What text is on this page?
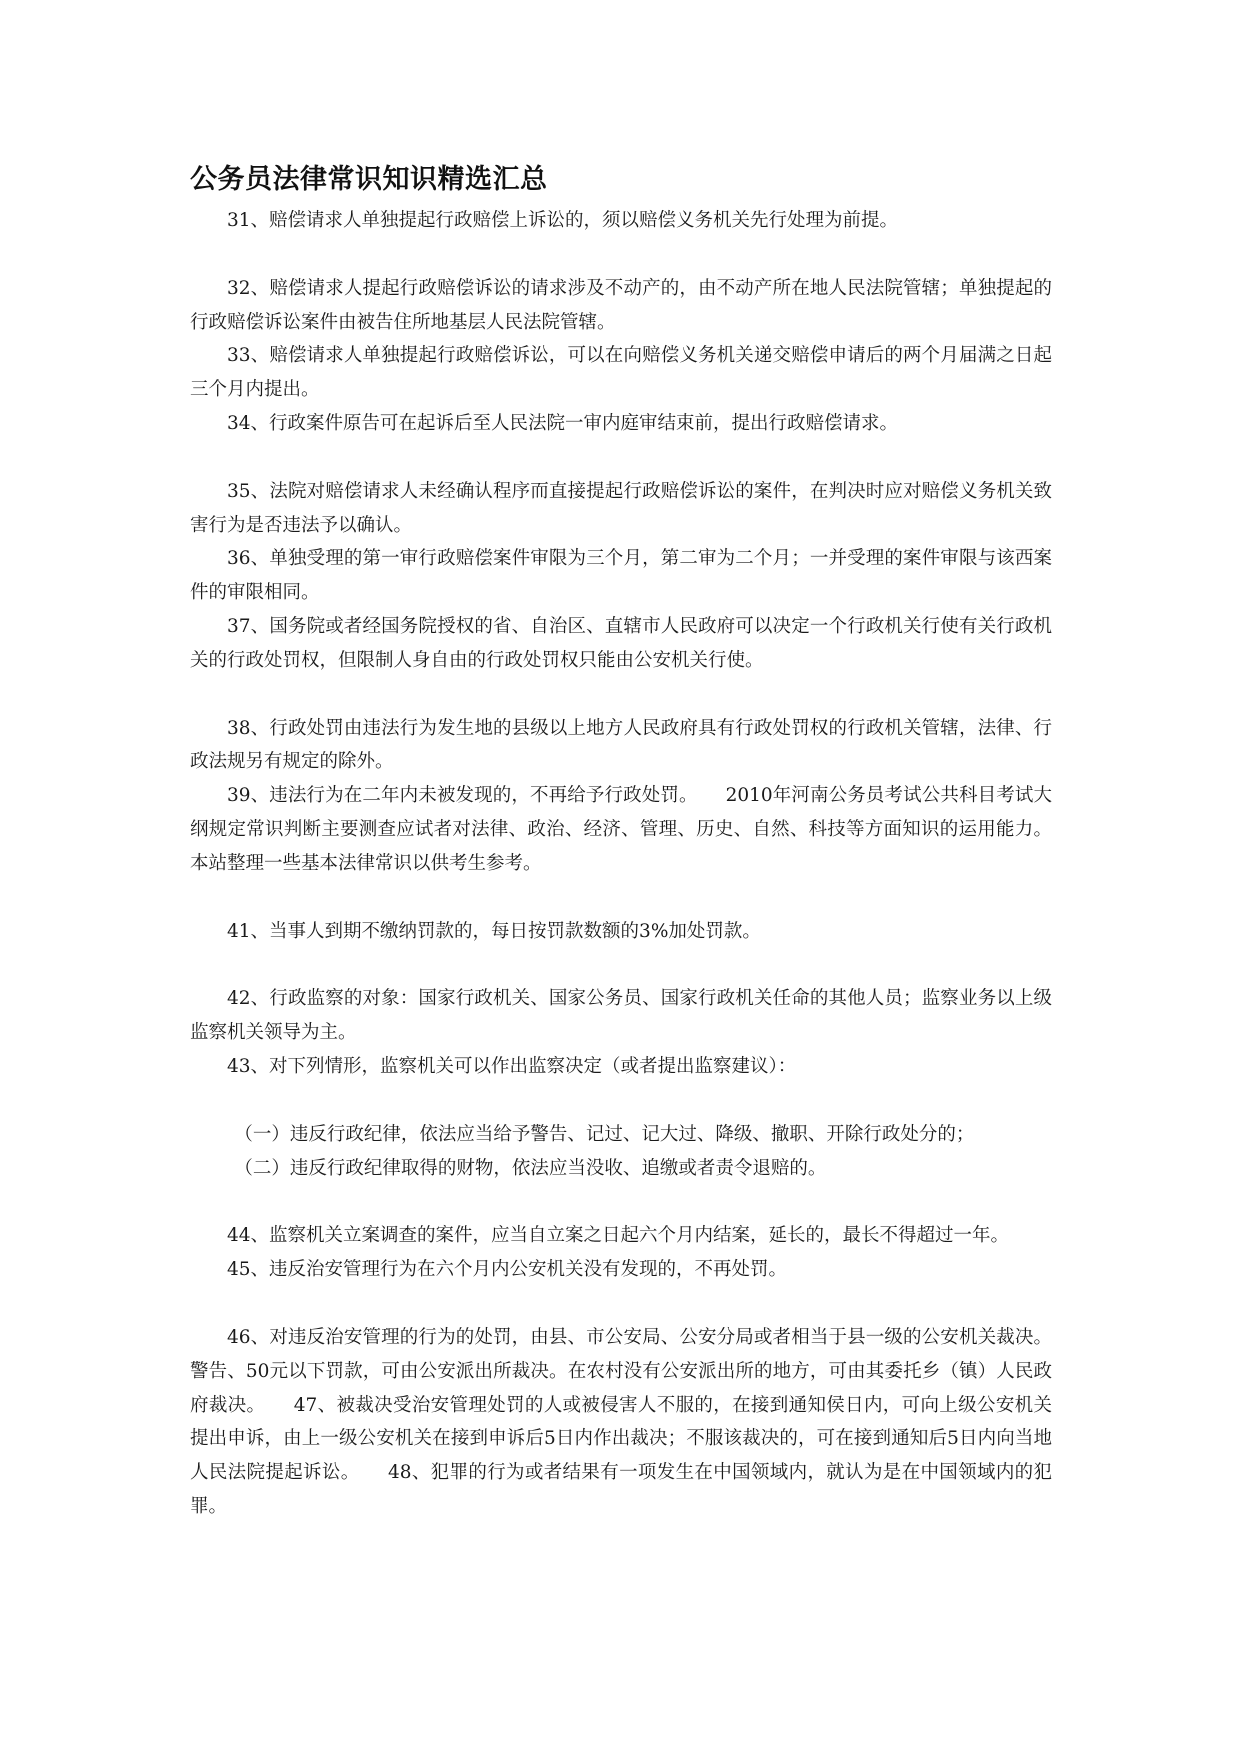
公务员法律常识知识精选汇总

31、赔偿请求人单独提起行政赔偿上诉讼的，须以赔偿义务机关先行处理为前提。

32、赔偿请求人提起行政赔偿诉讼的请求涉及不动产的，由不动产所在地人民法院管辖；单独提起的行政赔偿诉讼案件由被告住所地基层人民法院管辖。

33、赔偿请求人单独提起行政赔偿诉讼，可以在向赔偿义务机关递交赔偿申请后的两个月届满之日起三个月内提出。

34、行政案件原告可在起诉后至人民法院一审内庭审结束前，提出行政赔偿请求。

35、法院对赔偿请求人未经确认程序而直接提起行政赔偿诉讼的案件，在判决时应对赔偿义务机关致害行为是否违法予以确认。

36、单独受理的第一审行政赔偿案件审限为三个月，第二审为二个月；一并受理的案件审限与该西案件的审限相同。

37、国务院或者经国务院授权的省、自治区、直辖市人民政府可以决定一个行政机关行使有关行政机关的行政处罚权，但限制人身自由的行政处罚权只能由公安机关行使。

38、行政处罚由违法行为发生地的县级以上地方人民政府具有行政处罚权的行政机关管辖，法律、行政法规另有规定的除外。

39、违法行为在二年内未被发现的，不再给予行政处罚。　　2010年河南公务员考试公共科目考试大纲规定常识判断主要测查应试者对法律、政治、经济、管理、历史、自然、科技等方面知识的运用能力。本站整理一些基本法律常识以供考生参考。

41、当事人到期不缴纳罚款的，每日按罚款数额的3%加处罚款。

42、行政监察的对象：国家行政机关、国家公务员、国家行政机关任命的其他人员；监察业务以上级监察机关领导为主。

43、对下列情形，监察机关可以作出监察决定（或者提出监察建议）：

（一）违反行政纪律，依法应当给予警告、记过、记大过、降级、撤职、开除行政处分的；

（二）违反行政纪律取得的财物，依法应当没收、追缴或者责令退赔的。

44、监察机关立案调查的案件，应当自立案之日起六个月内结案，延长的，最长不得超过一年。

45、违反治安管理行为在六个月内公安机关没有发现的，不再处罚。

46、对违反治安管理的行为的处罚，由县、市公安局、公安分局或者相当于县一级的公安机关裁决。警告、50元以下罚款，可由公安派出所裁决。在农村没有公安派出所的地方，可由其委托乡（镇）人民政府裁决。　　47、被裁决受治安管理处罚的人或被侵害人不服的，在接到通知侯日内，可向上级公安机关提出申诉，由上一级公安机关在接到申诉后5日内作出裁决；不服该裁决的，可在接到通知后5日内向当地人民法院提起诉讼。　　48、犯罪的行为或者结果有一项发生在中国领域内，就认为是在中国领域内的犯罪。
